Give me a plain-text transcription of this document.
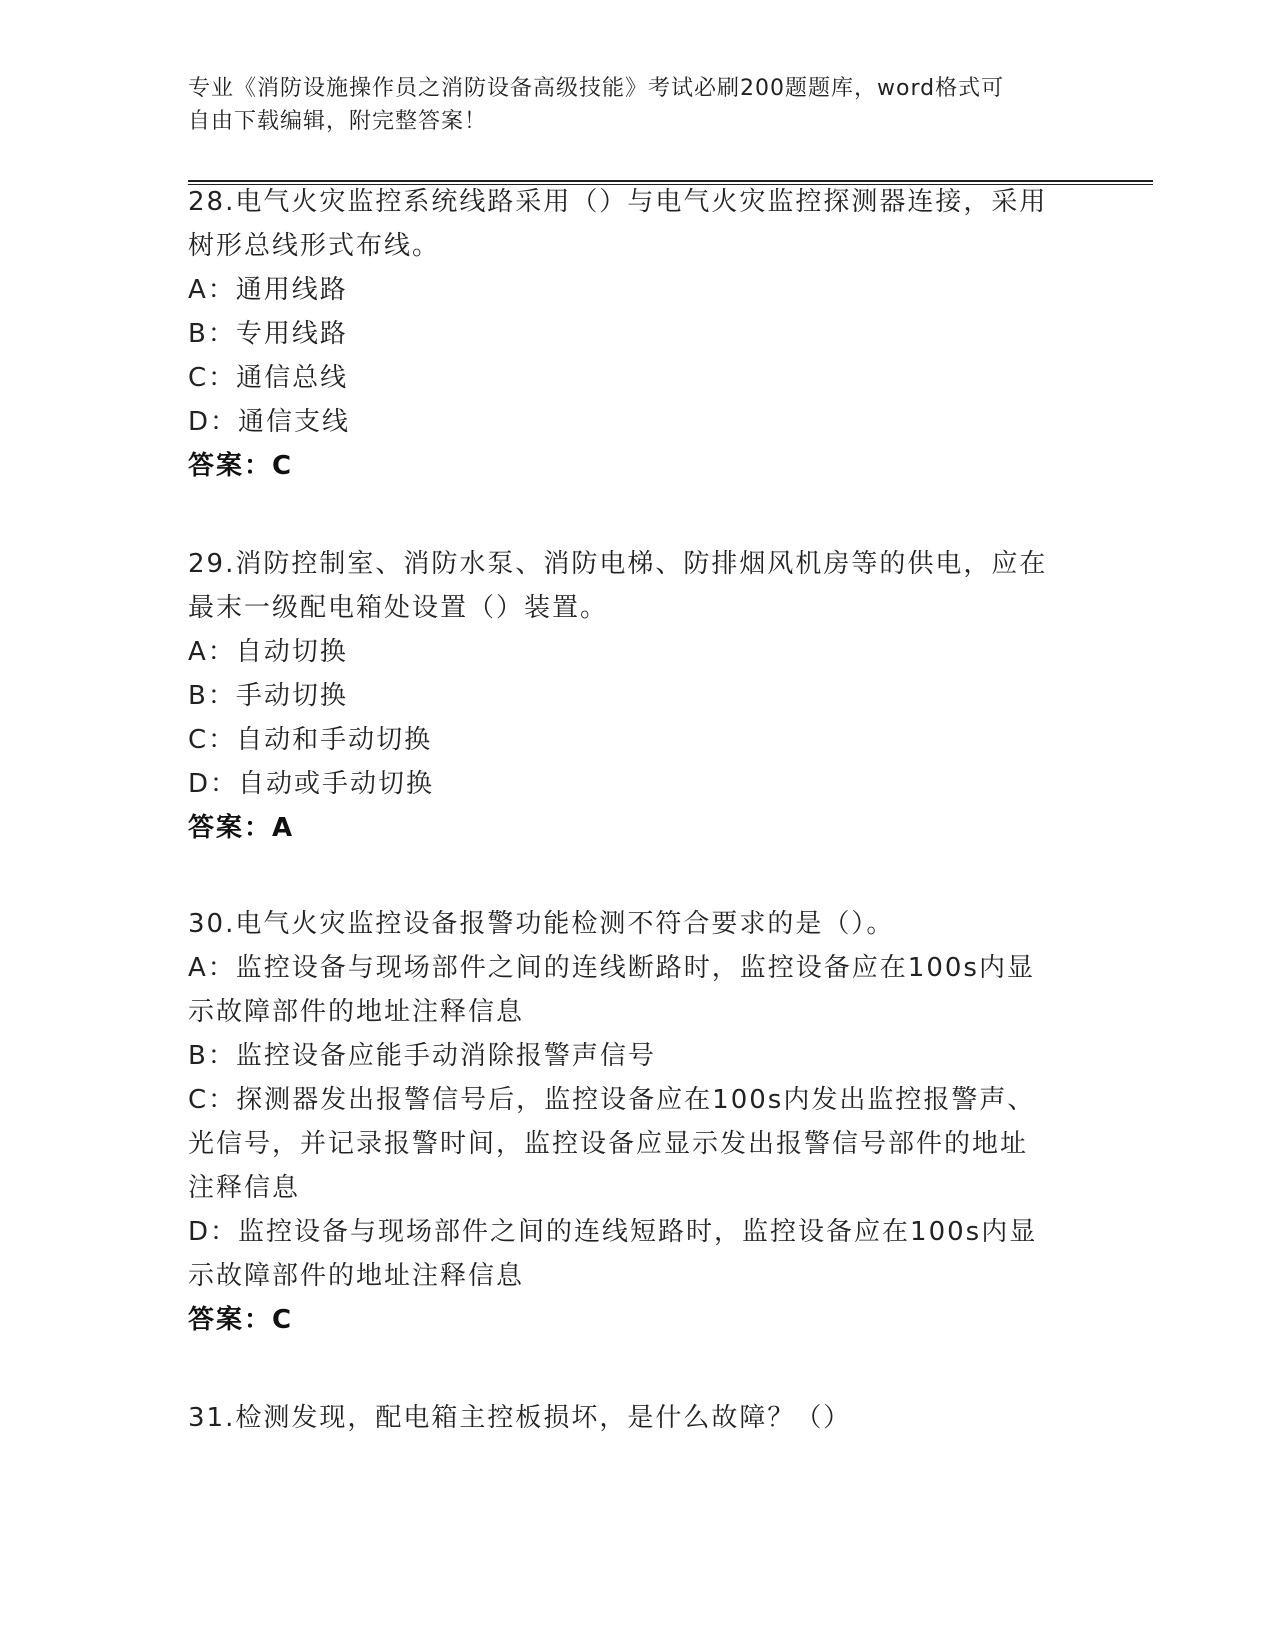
专业《消防设施操作员之消防设备高级技能》考试必刷200题题库，word格式可
自由下载编辑，附完整答案！
28.电气火灾监控系统线路采用（）与电气火灾监控探测器连接，采用
树形总线形式布线。
A：通用线路
B：专用线路
C：通信总线
D：通信支线
答案：C
29.消防控制室、消防水泵、消防电梯、防排烟风机房等的供电，应在
最末一级配电箱处设置（）装置。
A：自动切换
B：手动切换
C：自动和手动切换
D：自动或手动切换
答案：A
30.电气火灾监控设备报警功能检测不符合要求的是（）。
A：监控设备与现场部件之间的连线断路时，监控设备应在100s内显
示故障部件的地址注释信息
B：监控设备应能手动消除报警声信号
C：探测器发出报警信号后，监控设备应在100s内发出监控报警声、
光信号，并记录报警时间，监控设备应显示发出报警信号部件的地址
注释信息
D：监控设备与现场部件之间的连线短路时，监控设备应在100s内显
示故障部件的地址注释信息
答案：C
31.检测发现，配电箱主控板损坏，是什么故障？（）
